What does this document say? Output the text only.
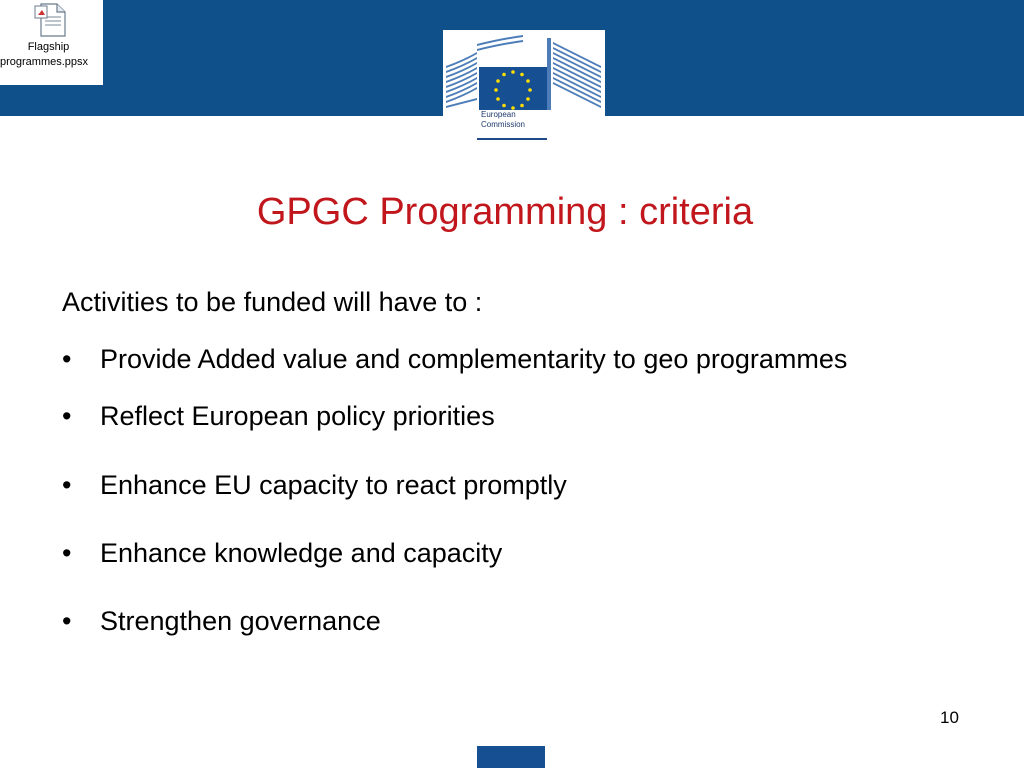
Flagship
programmes.ppsx
European
Commission
GPGC Programming : criteria
Activities to be funded will have to :
• Provide Added value and complementarity to geo programmes
• Reflect European policy priorities
• Enhance EU capacity to react promptly
• Enhance knowledge and capacity
• Strengthen governance
10
